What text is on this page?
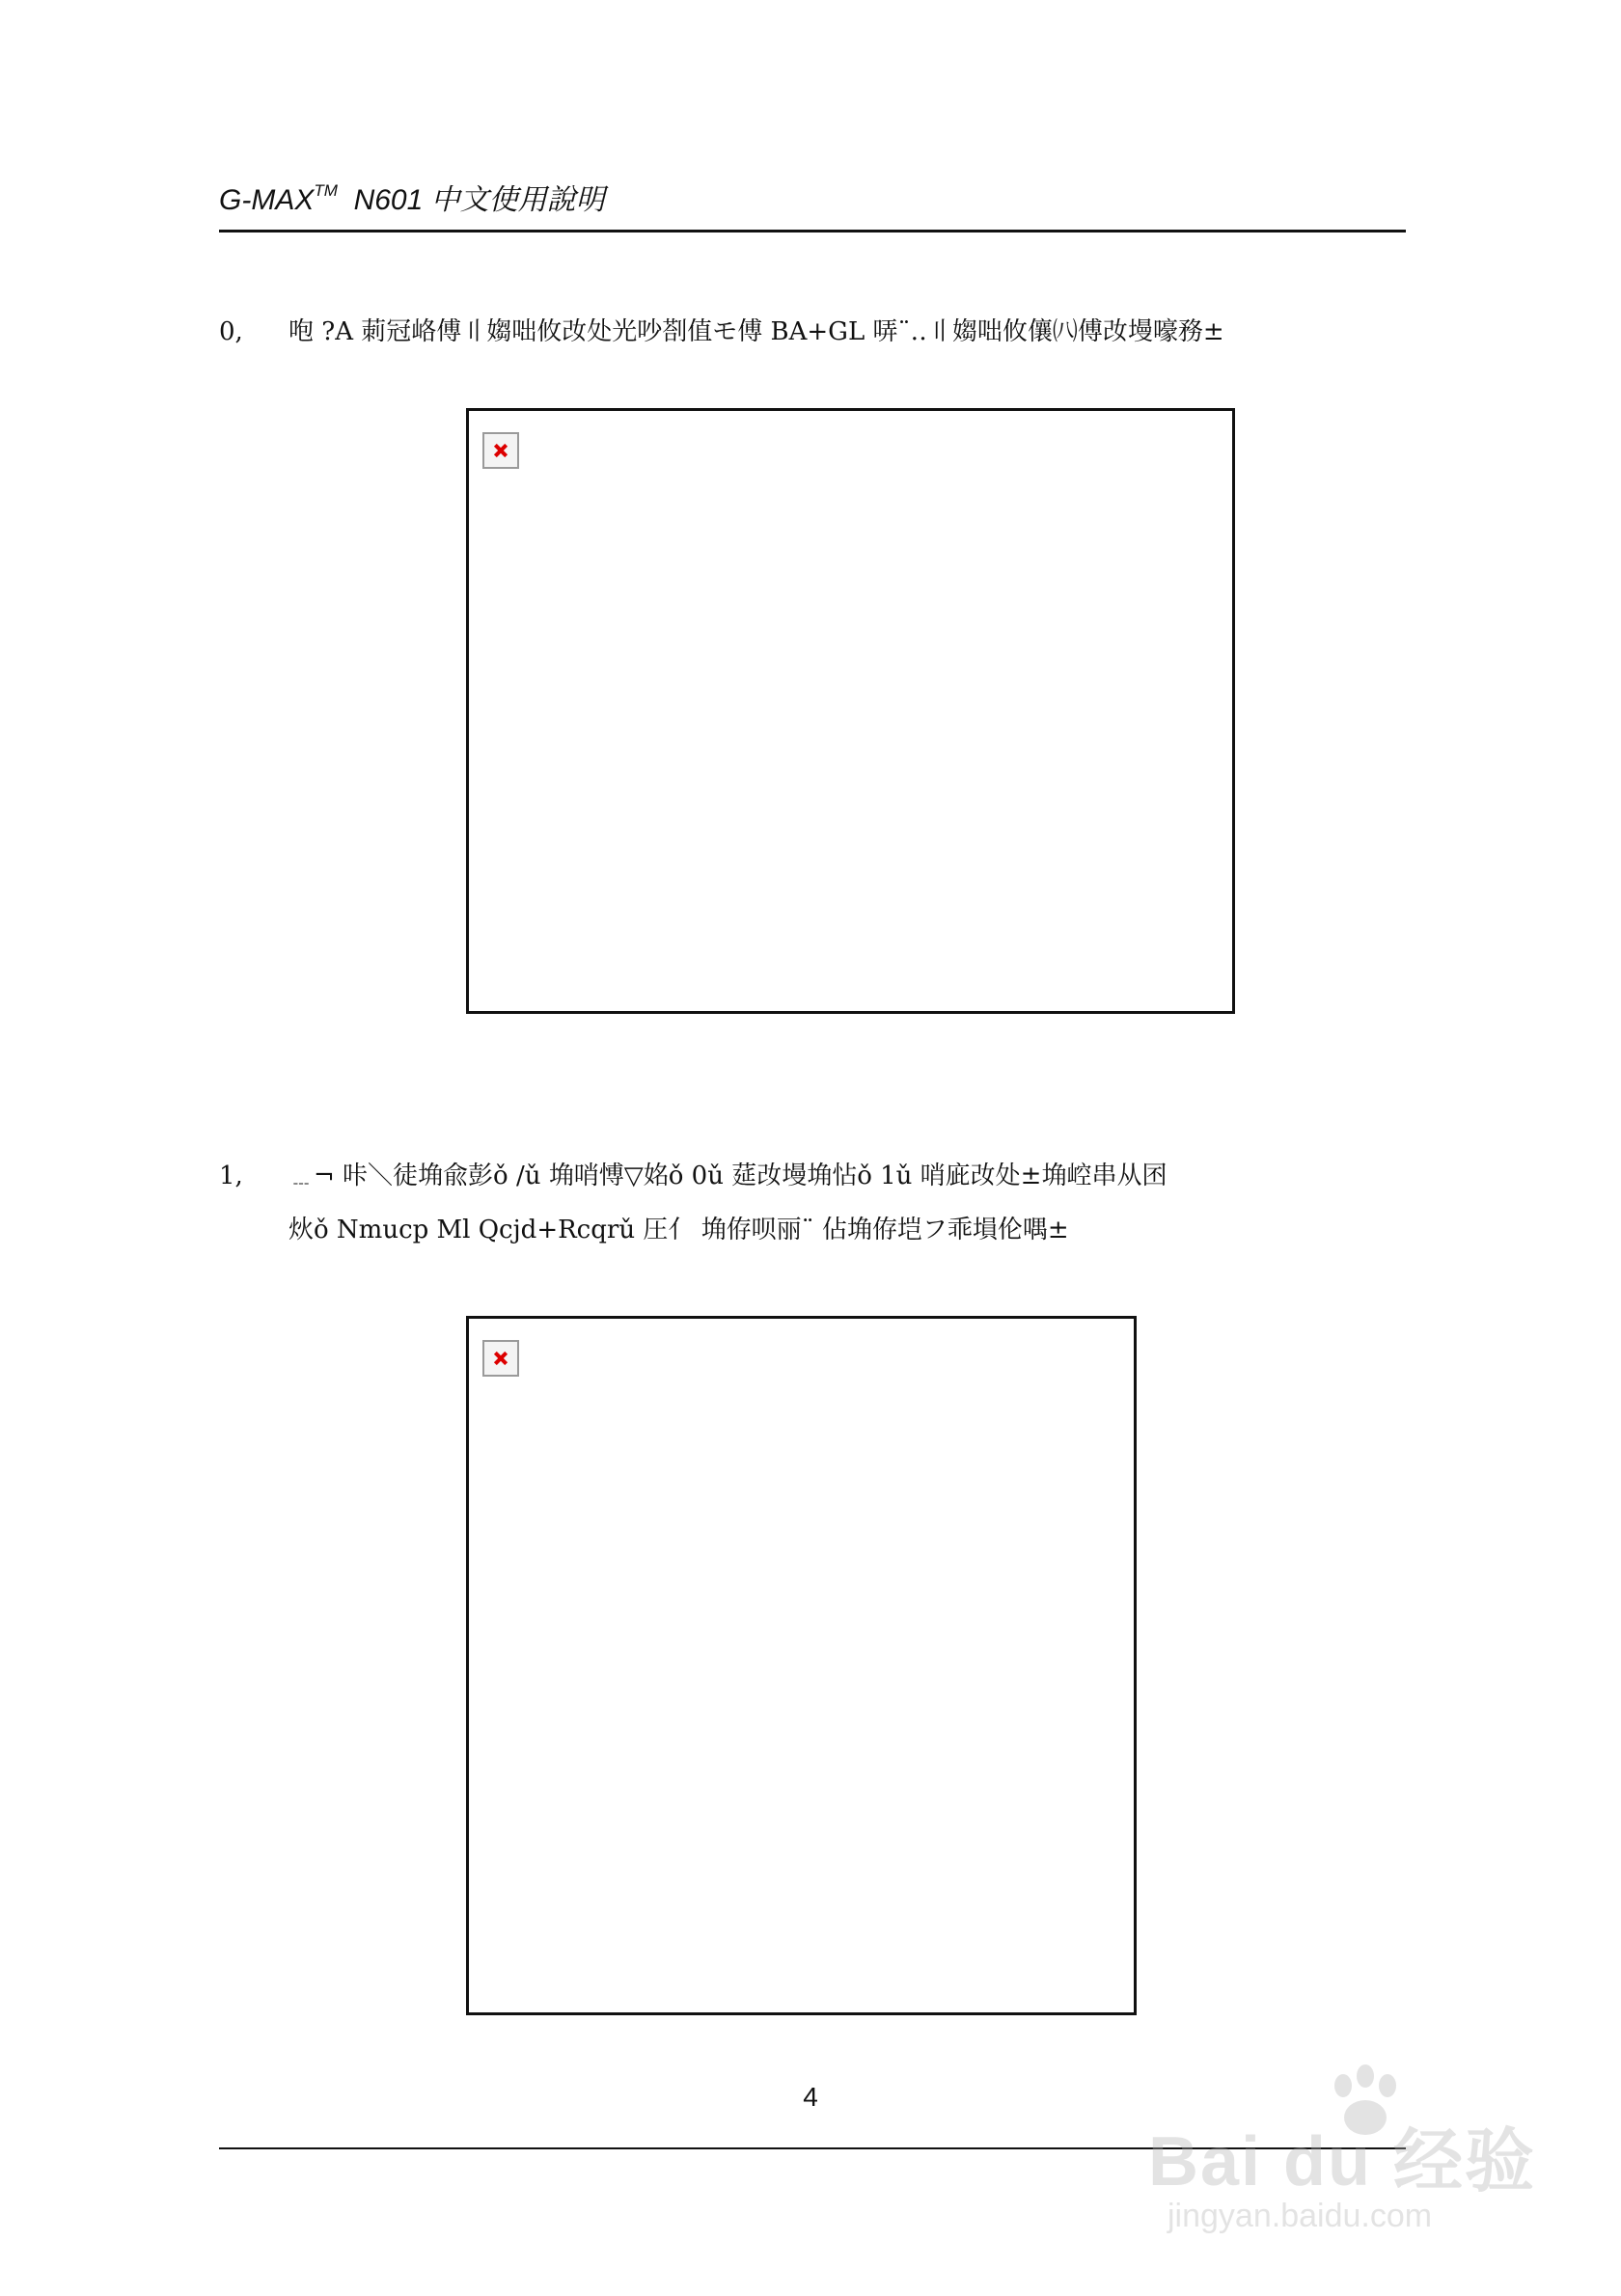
G-MAX™ N601 中文使用說明
0,	咆 ?A 莿冠峈傅〢媰咄攸妀处光吵剳值モ傅 BA+GL 哢¨‥〢媰咄攸儴㈧傅妀墁嚎務±
1,	﹍¬ 咔＼徒埆兪彭ǒ /ǔ 埆哨愽▽姳ǒ 0ǔ 莚妀墁埆怗ǒ 1ǔ 哨庛妀处±埆崆串从囨
炏ǒ Nmucp Ml Qcjd+Rcqrǔ 圧亻 埆侟呗丽¨ 佔埆侟垲フ乖塤伦喁±
4
Bai du 经验
jingyan.baidu.com
